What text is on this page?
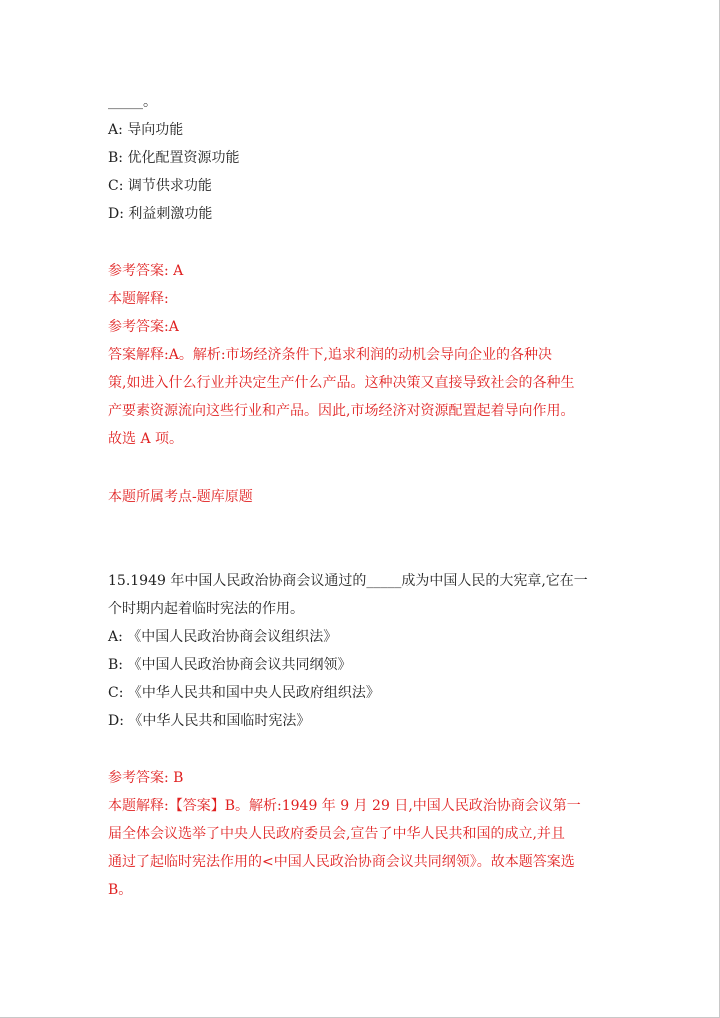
_____。
A: 导向功能
B: 优化配置资源功能
C: 调节供求功能
D: 利益刺激功能
参考答案: A
本题解释:
参考答案:A
答案解释:A。解析:市场经济条件下,追求利润的动机会导向企业的各种决
策,如进入什么行业并决定生产什么产品。这种决策又直接导致社会的各种生
产要素资源流向这些行业和产品。因此,市场经济对资源配置起着导向作用。
故选 A 项。
本题所属考点-题库原题
15.1949 年中国人民政治协商会议通过的_____成为中国人民的大宪章,它在一
个时期内起着临时宪法的作用。
A: 《中国人民政治协商会议组织法》
B: 《中国人民政治协商会议共同纲领》
C: 《中华人民共和国中央人民政府组织法》
D: 《中华人民共和国临时宪法》
参考答案: B
本题解释:【答案】B。解析:1949 年 9 月 29 日,中国人民政治协商会议第一
届全体会议选举了中央人民政府委员会,宣告了中华人民共和国的成立,并且
通过了起临时宪法作用的<中国人民政治协商会议共同纲领》。故本题答案选
B。
